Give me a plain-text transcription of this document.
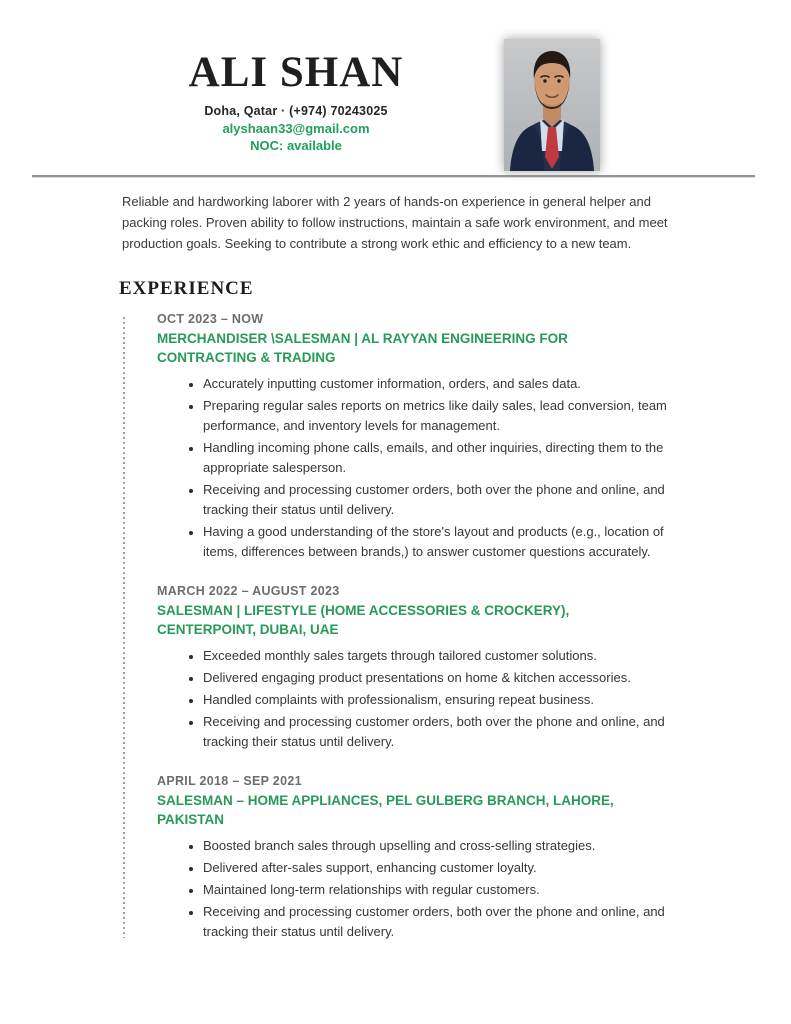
ALI SHAN
Doha, Qatar · (+974) 70243025
alyshaan33@gmail.com
NOC: available

Reliable and hardworking laborer with 2 years of hands-on experience in general helper and packing roles. Proven ability to follow instructions, maintain a safe work environment, and meet production goals. Seeking to contribute a strong work ethic and efficiency to a new team.

EXPERIENCE
OCT 2023 – NOW
MERCHANDISER \SALESMAN | AL RAYYAN ENGINEERING FOR CONTRACTING & TRADING
• Accurately inputting customer information, orders, and sales data.
• Preparing regular sales reports on metrics like daily sales, lead conversion, team performance, and inventory levels for management.
• Handling incoming phone calls, emails, and other inquiries, directing them to the appropriate salesperson.
• Receiving and processing customer orders, both over the phone and online, and tracking their status until delivery.
• Having a good understanding of the store's layout and products (e.g., location of items, differences between brands,) to answer customer questions accurately.
MARCH 2022 – AUGUST 2023
SALESMAN | LIFESTYLE (HOME ACCESSORIES & CROCKERY), CENTERPOINT, DUBAI, UAE
• Exceeded monthly sales targets through tailored customer solutions.
• Delivered engaging product presentations on home & kitchen accessories.
• Handled complaints with professionalism, ensuring repeat business.
• Receiving and processing customer orders, both over the phone and online, and tracking their status until delivery.
APRIL 2018 – SEP 2021
SALESMAN – HOME APPLIANCES, PEL GULBERG BRANCH, LAHORE, PAKISTAN
• Boosted branch sales through upselling and cross-selling strategies.
• Delivered after-sales support, enhancing customer loyalty.
• Maintained long-term relationships with regular customers.
• Receiving and processing customer orders, both over the phone and online, and tracking their status until delivery.
